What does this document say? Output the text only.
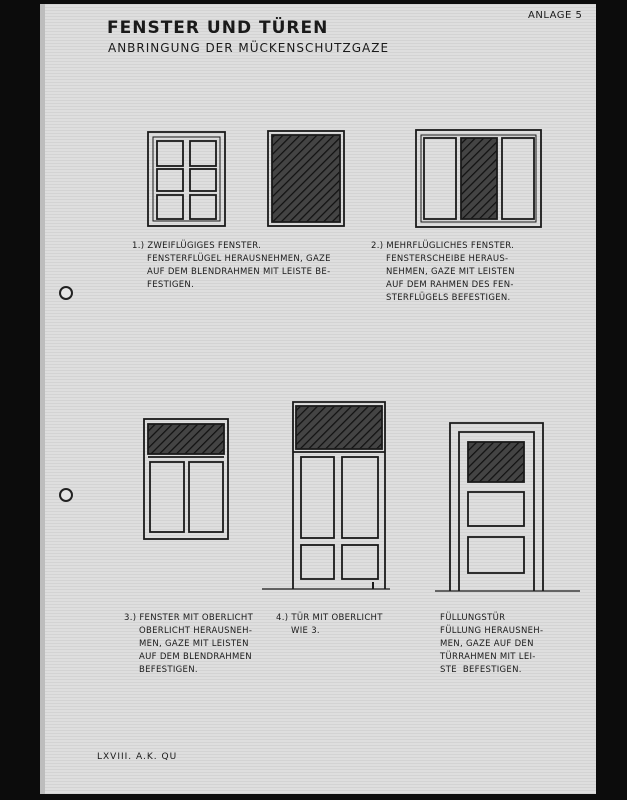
FENSTER UND TÜREN
ANBRINGUNG DER MÜCKENSCHUTZGAZE
ANLAGE 5
1.) ZWEIFLÜGIGES FENSTER.
FENSTERFLÜGEL HERAUSNEHMEN, GAZE
AUF DEM BLENDRAHMEN MIT LEISTE BE-
FESTIGEN.
2.) MEHRFLÜGLICHES FENSTER.
FENSTERSCHEIBE HERAUS-
NEHMEN, GAZE MIT LEISTEN
AUF DEM RAHMEN DES FEN-
STERFLÜGELS BEFESTIGEN.
3.) FENSTER MIT OBERLICHT
OBERLICHT HERAUSNEH-
MEN, GAZE MIT LEISTEN
AUF DEM BLENDRAHMEN
BEFESTIGEN.
4.) TÜR MIT OBERLICHT
WIE 3.
FÜLLUNGSTÜR
FÜLLUNG HERAUSNEH-
MEN, GAZE AUF DEN
TÜRRAHMEN MIT LEI-
STE  BEFESTIGEN.
LXVIII. A.K. QU
